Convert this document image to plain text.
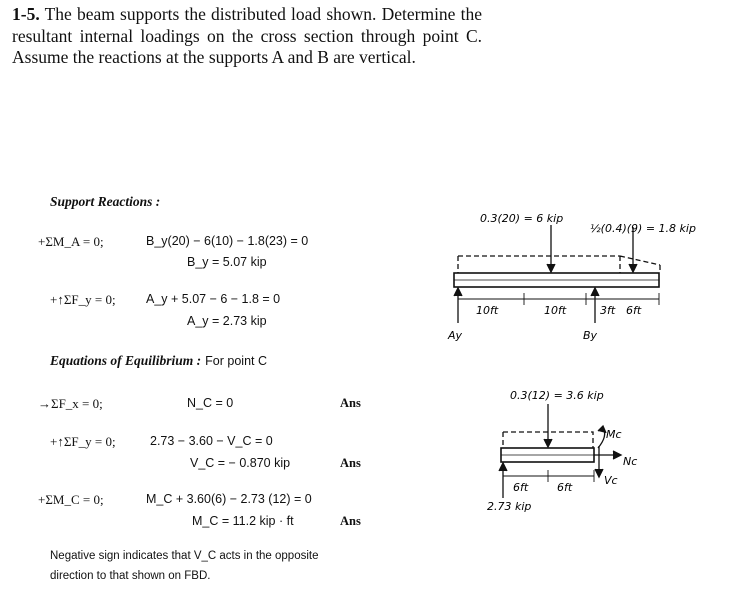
1-5. The beam supports the distributed load shown. Determine the resultant internal loadings on the cross section through point C. Assume the reactions at the supports A and B are vertical.
Support Reactions :
+ΣM_A = 0;	B_y(20) − 6(10) − 1.8(23) = 0
B_y = 5.07 kip
+↑ΣF_y = 0; A_y + 5.07 − 6 − 1.8 = 0
A_y = 2.73 kip
Equations of Equilibrium : For point C
→ΣF_x = 0;	N_C = 0	Ans
+↑ΣF_y = 0;	2.73 − 3.60 − V_C = 0
V_C = − 0.870 kip	Ans
+ΣM_C = 0;	M_C + 3.60(6) − 2.73 (12) = 0
M_C = 11.2 kip · ft	Ans
Negative sign indicates that V_C acts in the opposite
direction to that shown on FBD.
0.3(20) = 6 kip
½(0.4)(9) = 1.8 kip
10ft	10ft	3ft 6ft
Ay	By
0.3(12) = 3.6 kip
Mc
Nc
Vc
6ft	6ft
2.73 kip
